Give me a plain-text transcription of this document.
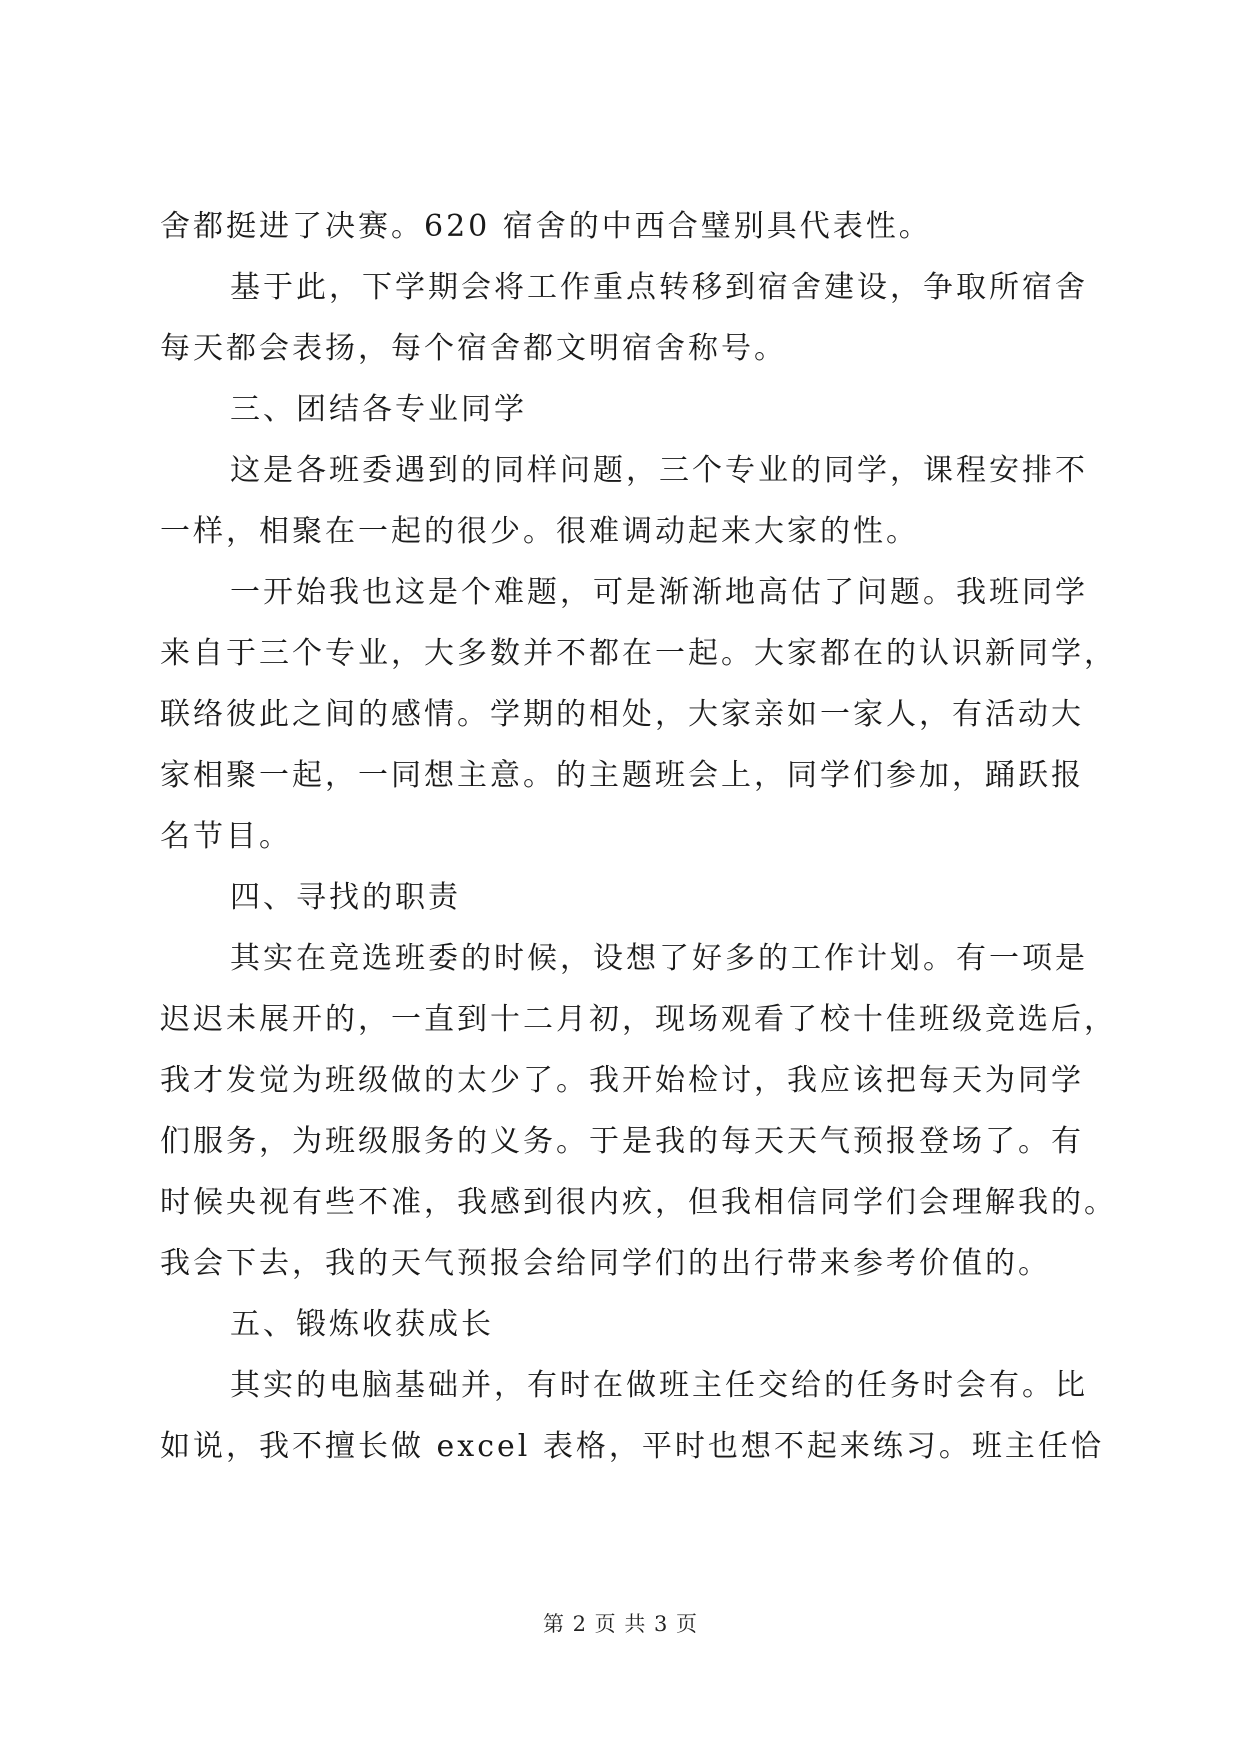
舍都挺进了决赛。620 宿舍的中西合璧别具代表性。
基于此，下学期会将工作重点转移到宿舍建设，争取所宿舍
每天都会表扬，每个宿舍都文明宿舍称号。
三、团结各专业同学
这是各班委遇到的同样问题，三个专业的同学，课程安排不
一样，相聚在一起的很少。很难调动起来大家的性。
一开始我也这是个难题，可是渐渐地高估了问题。我班同学
来自于三个专业，大多数并不都在一起。大家都在的认识新同学，
联络彼此之间的感情。学期的相处，大家亲如一家人，有活动大
家相聚一起，一同想主意。的主题班会上，同学们参加，踊跃报
名节目。
四、寻找的职责
其实在竞选班委的时候，设想了好多的工作计划。有一项是
迟迟未展开的，一直到十二月初，现场观看了校十佳班级竞选后，
我才发觉为班级做的太少了。我开始检讨，我应该把每天为同学
们服务，为班级服务的义务。于是我的每天天气预报登场了。有
时候央视有些不准，我感到很内疚，但我相信同学们会理解我的。
我会下去，我的天气预报会给同学们的出行带来参考价值的。
五、锻炼收获成长
其实的电脑基础并，有时在做班主任交给的任务时会有。比
如说，我不擅长做 excel 表格，平时也想不起来练习。班主任恰
第 2 页 共 3 页
